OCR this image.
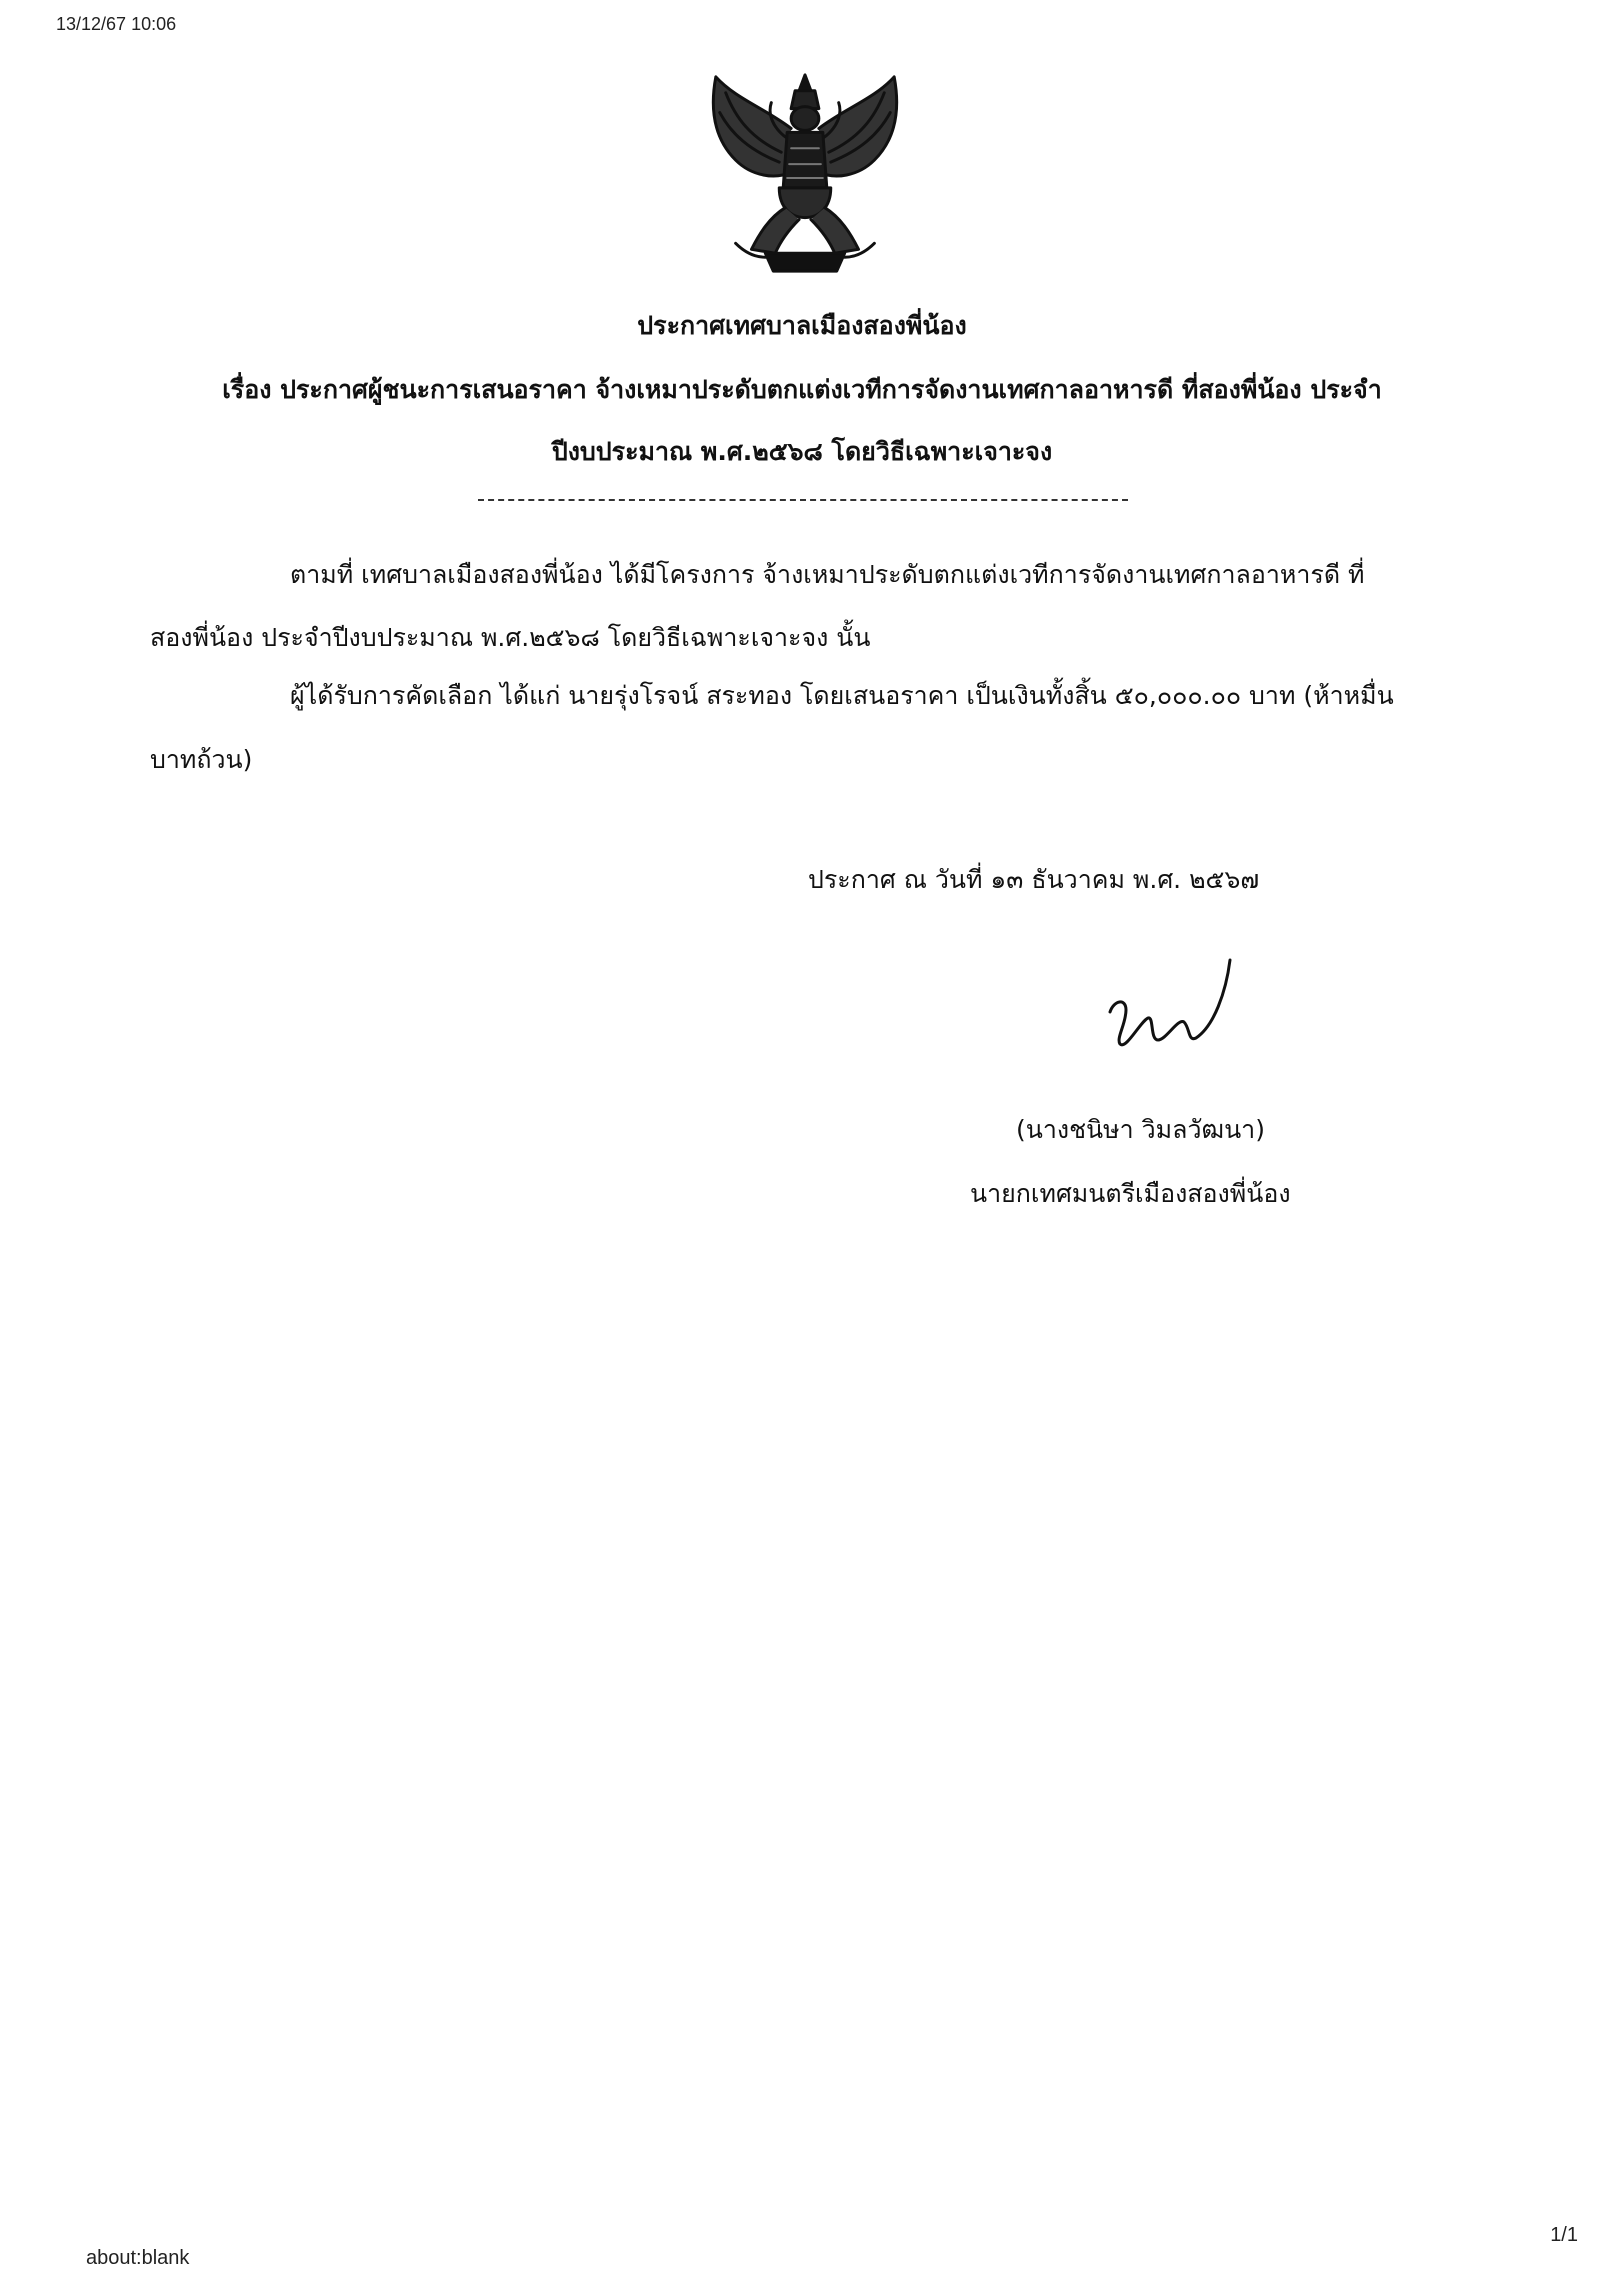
13/12/67 10:06
ประกาศเทศบาลเมืองสองพี่น้อง
เรื่อง ประกาศผู้ชนะการเสนอราคา จ้างเหมาประดับตกแต่งเวทีการจัดงานเทศกาลอาหารดี ที่สองพี่น้อง ประจำ
ปีงบประมาณ พ.ศ.๒๕๖๘ โดยวิธีเฉพาะเจาะจง
ตามที่ เทศบาลเมืองสองพี่น้อง ได้มีโครงการ จ้างเหมาประดับตกแต่งเวทีการจัดงานเทศกาลอาหารดี ที่
สองพี่น้อง ประจำปีงบประมาณ พ.ศ.๒๕๖๘ โดยวิธีเฉพาะเจาะจง นั้น
ผู้ได้รับการคัดเลือก ได้แก่ นายรุ่งโรจน์ สระทอง โดยเสนอราคา เป็นเงินทั้งสิ้น ๕๐,๐๐๐.๐๐ บาท (ห้าหมื่น
บาทถ้วน)
ประกาศ ณ วันที่ ๑๓ ธันวาคม พ.ศ. ๒๕๖๗
(นางชนิษา วิมลวัฒนา)
นายกเทศมนตรีเมืองสองพี่น้อง
1/1
about:blank
